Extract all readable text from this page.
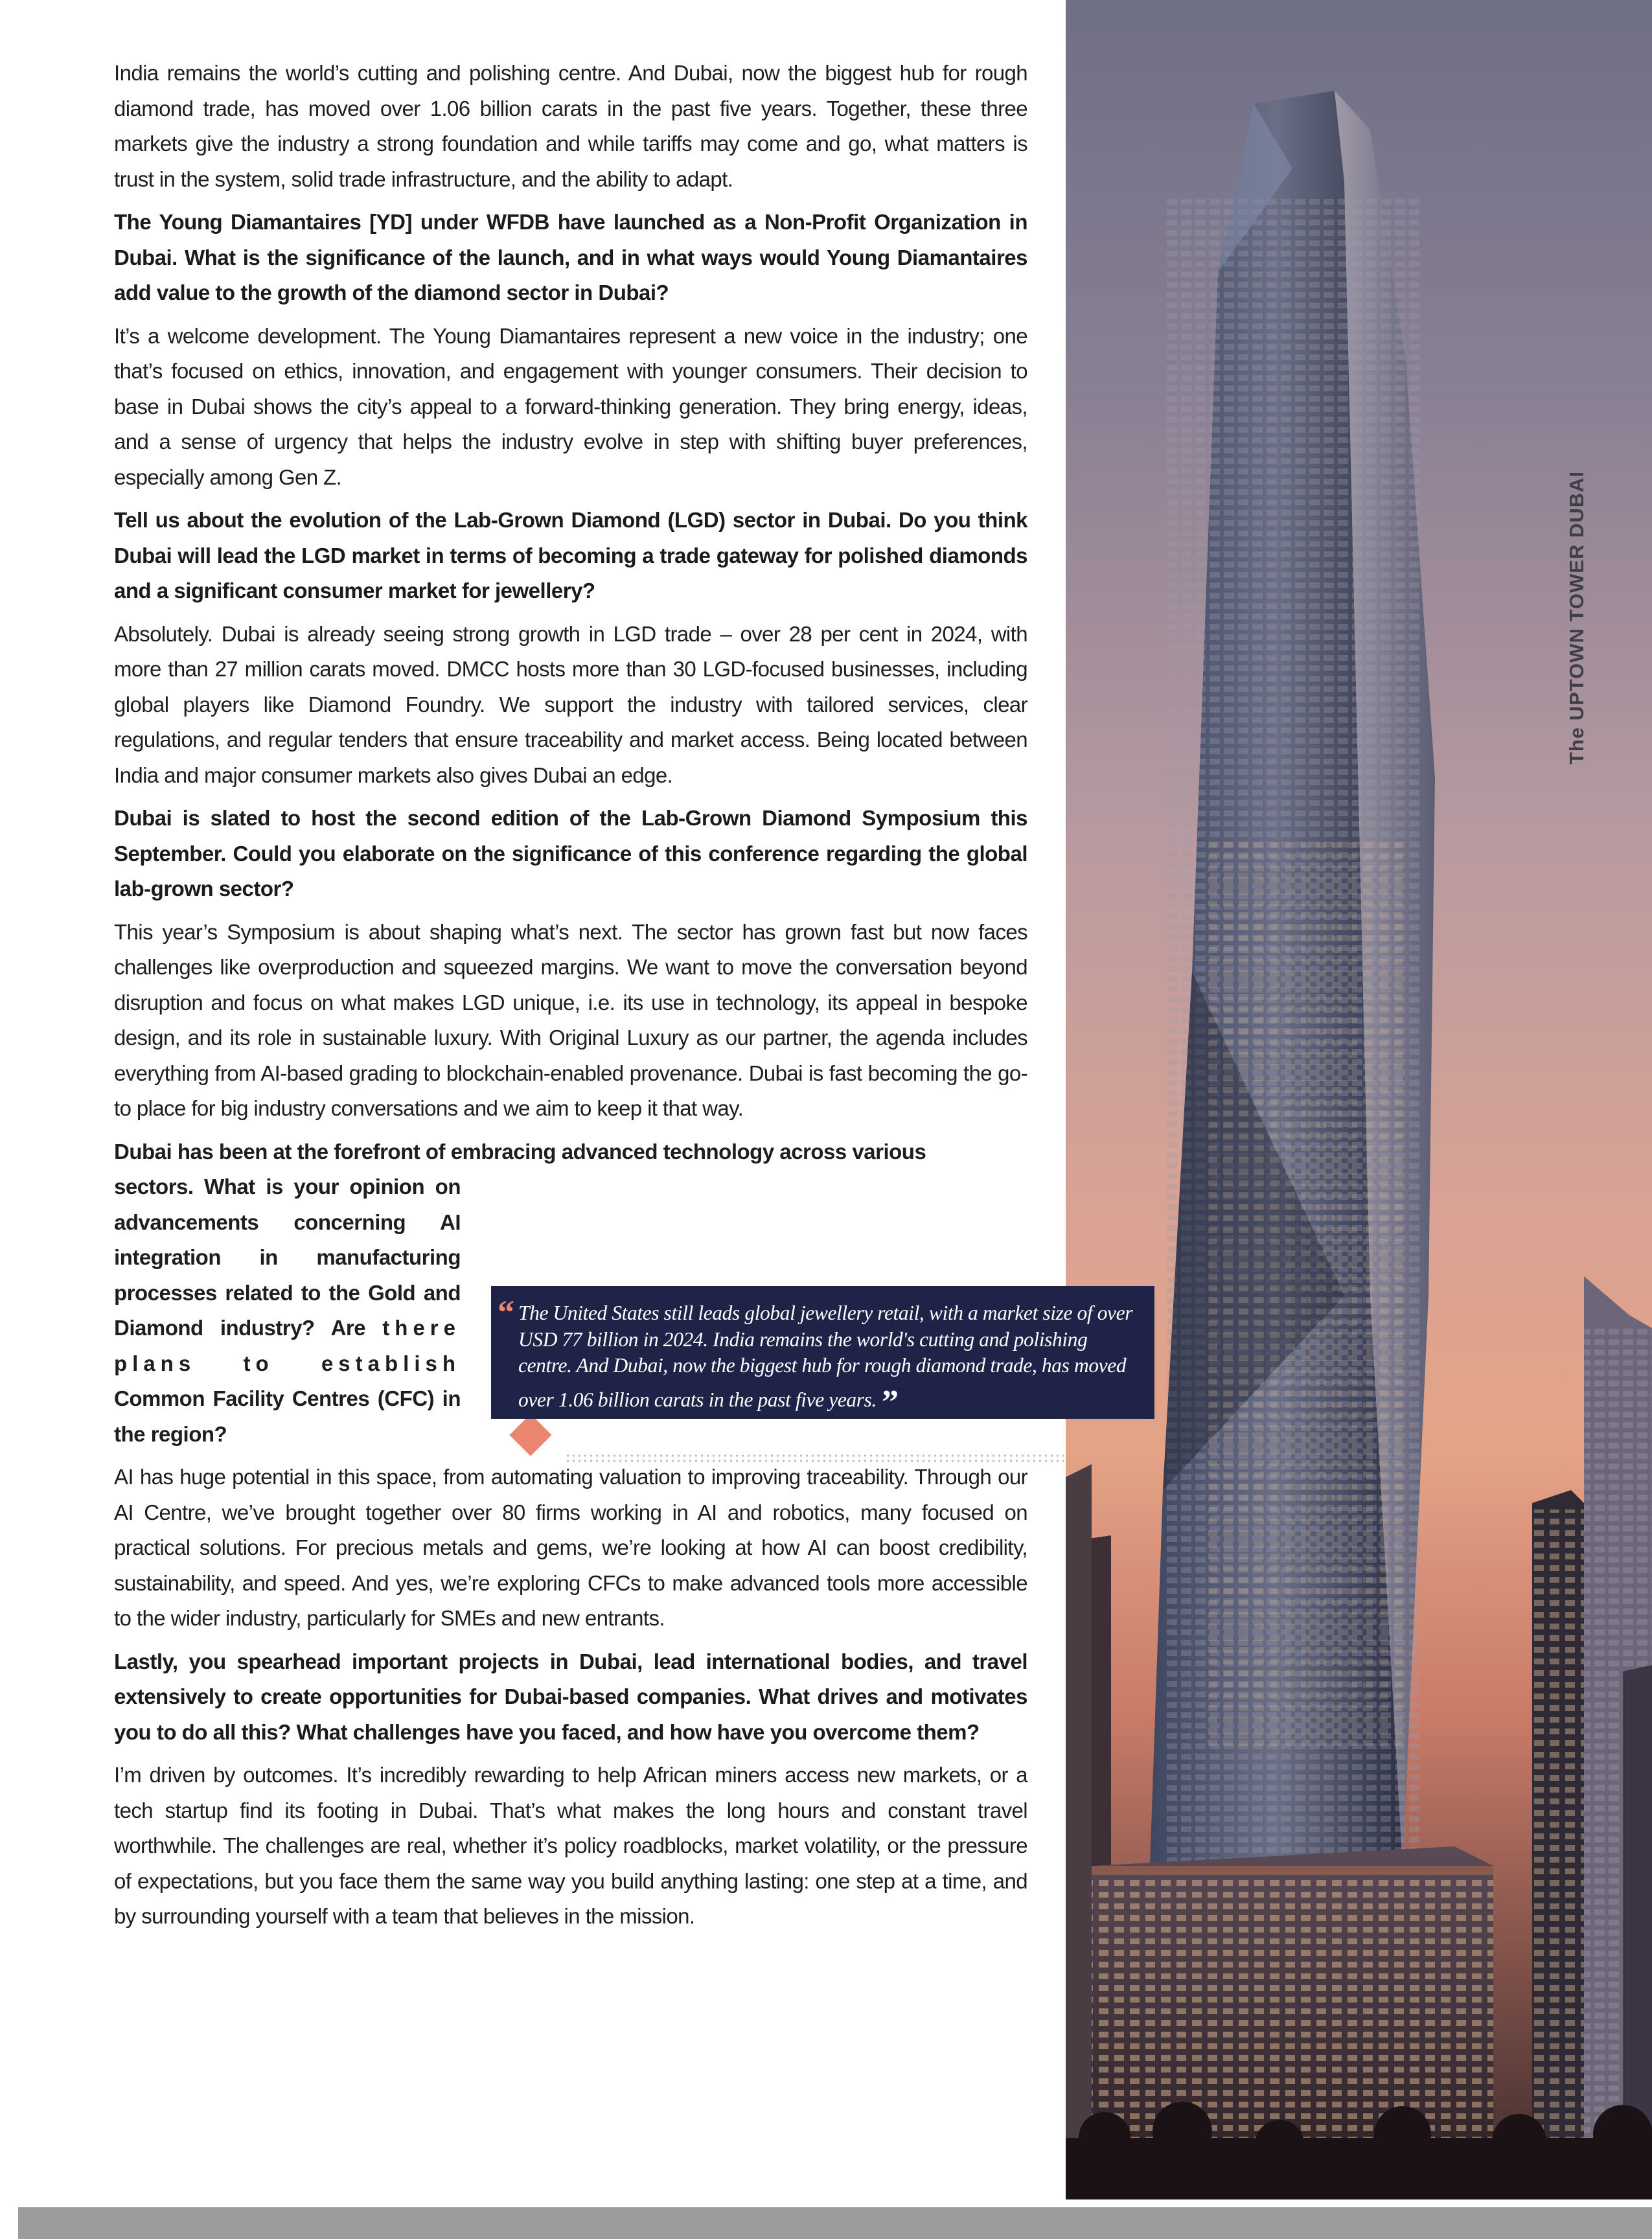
India remains the world’s cutting and polishing centre. And Dubai, now the biggest hub for rough diamond trade, has moved over 1.06 billion carats in the past five years. Together, these three markets give the industry a strong foundation and while tariffs may come and go, what matters is trust in the system, solid trade infrastructure, and the ability to adapt.

The Young Diamantaires [YD] under WFDB have launched as a Non-Profit Organization in Dubai. What is the significance of the launch, and in what ways would Young Diamantaires add value to the growth of the diamond sector in Dubai?

It’s a welcome development. The Young Diamantaires represent a new voice in the industry; one that’s focused on ethics, innovation, and engagement with younger consumers. Their decision to base in Dubai shows the city’s appeal to a forward-thinking generation. They bring energy, ideas, and a sense of urgency that helps the industry evolve in step with shifting buyer preferences, especially among Gen Z.

Tell us about the evolution of the Lab-Grown Diamond (LGD) sector in Dubai. Do you think Dubai will lead the LGD market in terms of becoming a trade gateway for polished diamonds and a significant consumer market for jewellery?

Absolutely. Dubai is already seeing strong growth in LGD trade – over 28 per cent in 2024, with more than 27 million carats moved. DMCC hosts more than 30 LGD-focused businesses, including global players like Diamond Foundry. We support the industry with tailored services, clear regulations, and regular tenders that ensure traceability and market access. Being located between India and major consumer markets also gives Dubai an edge.

Dubai is slated to host the second edition of the Lab-Grown Diamond Symposium this September. Could you elaborate on the significance of this conference regarding the global lab-grown sector?

This year’s Symposium is about shaping what’s next. The sector has grown fast but now faces challenges like overproduction and squeezed margins. We want to move the conversation beyond disruption and focus on what makes LGD unique, i.e. its use in technology, its appeal in bespoke design, and its role in sustainable luxury. With Original Luxury as our partner, the agenda includes everything from AI-based grading to blockchain-enabled provenance. Dubai is fast becoming the go-to place for big industry conversations and we aim to keep it that way.

Dubai has been at the forefront of embracing advanced technology across various

sectors. What is your opinion on advancements concerning AI integration in manufacturing processes related to the Gold and Diamond industry? Are there plans to establish Common Facility Centres (CFC) in the region?

AI has huge potential in this space, from automating valuation to improving traceability. Through our AI Centre, we’ve brought together over 80 firms working in AI and robotics, many focused on practical solutions. For precious metals and gems, we’re looking at how AI can boost credibility, sustainability, and speed. And yes, we’re exploring CFCs to make advanced tools more accessible to the wider industry, particularly for SMEs and new entrants.

Lastly, you spearhead important projects in Dubai, lead international bodies, and travel extensively to create opportunities for Dubai-based companies. What drives and motivates you to do all this? What challenges have you faced, and how have you overcome them?

I’m driven by outcomes. It’s incredibly rewarding to help African miners access new markets, or a tech startup find its footing in Dubai. That’s what makes the long hours and constant travel worthwhile. The challenges are real, whether it’s policy roadblocks, market volatility, or the pressure of expectations, but you face them the same way you build anything lasting: one step at a time, and by surrounding yourself with a team that believes in the mission.

“ The United States still leads global jewellery retail, with a market size of over USD 77 billion in 2024. India remains the world's cutting and polishing centre. And Dubai, now the biggest hub for rough diamond trade, has moved over 1.06 billion carats in the past five years. ”
The UPTOWN TOWER DUBAI
